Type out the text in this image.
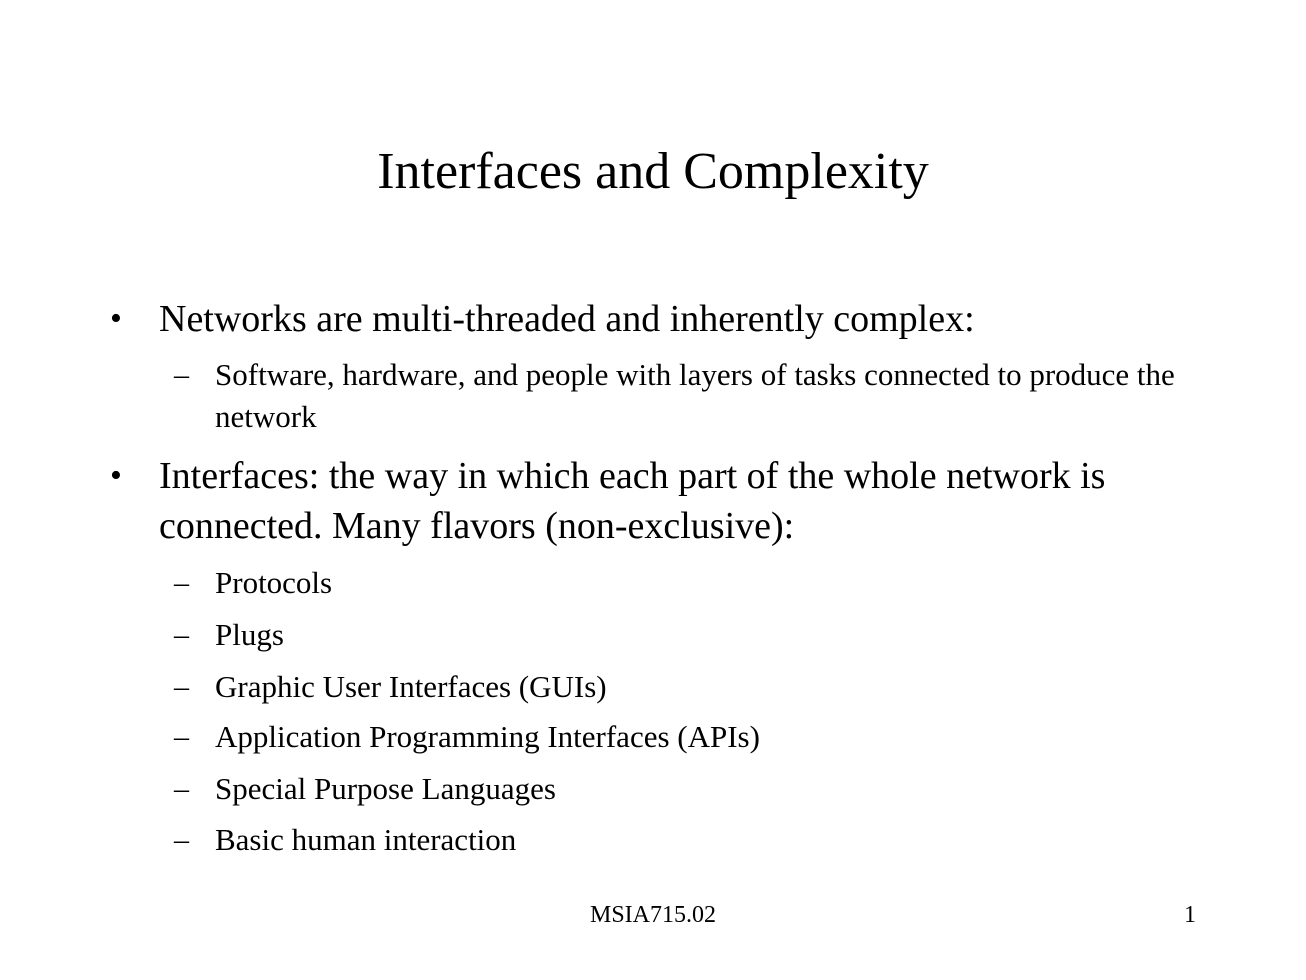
Interfaces and Complexity
• Networks are multi-threaded and inherently complex:
– Software, hardware, and people with layers of tasks connected to produce the network
• Interfaces: the way in which each part of the whole network is connected. Many flavors (non-exclusive):
– Protocols
– Plugs
– Graphic User Interfaces (GUIs)
– Application Programming Interfaces (APIs)
– Special Purpose Languages
– Basic human interaction
MSIA715.02	1
